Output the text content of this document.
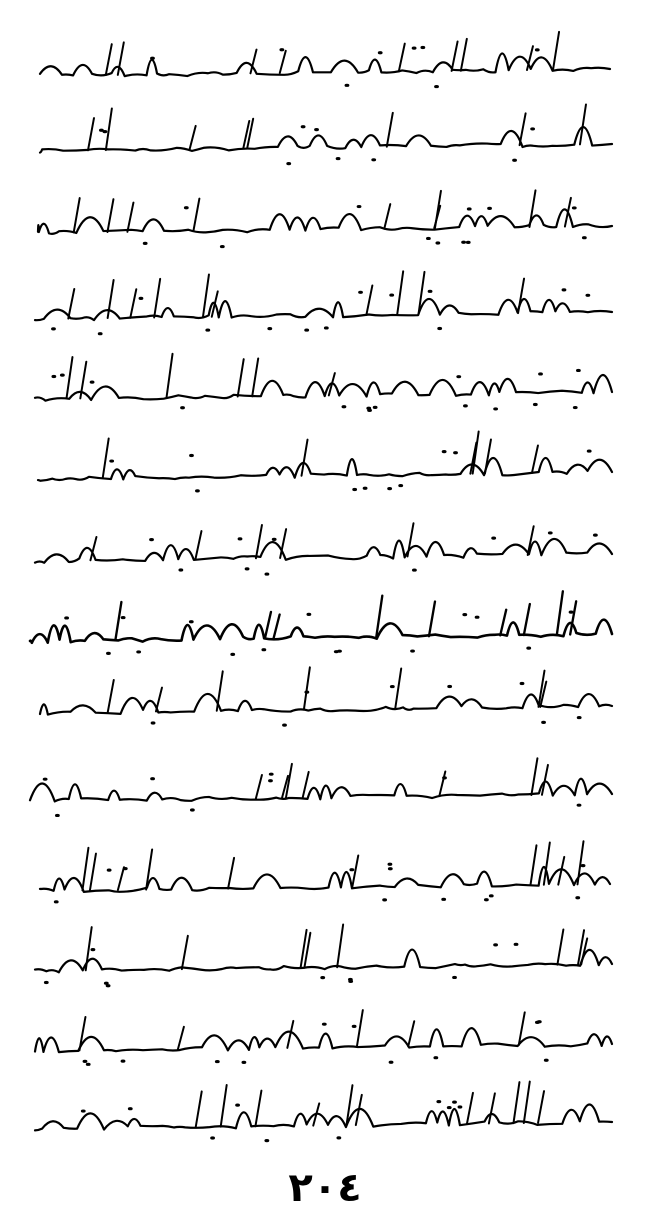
٢٠٤
